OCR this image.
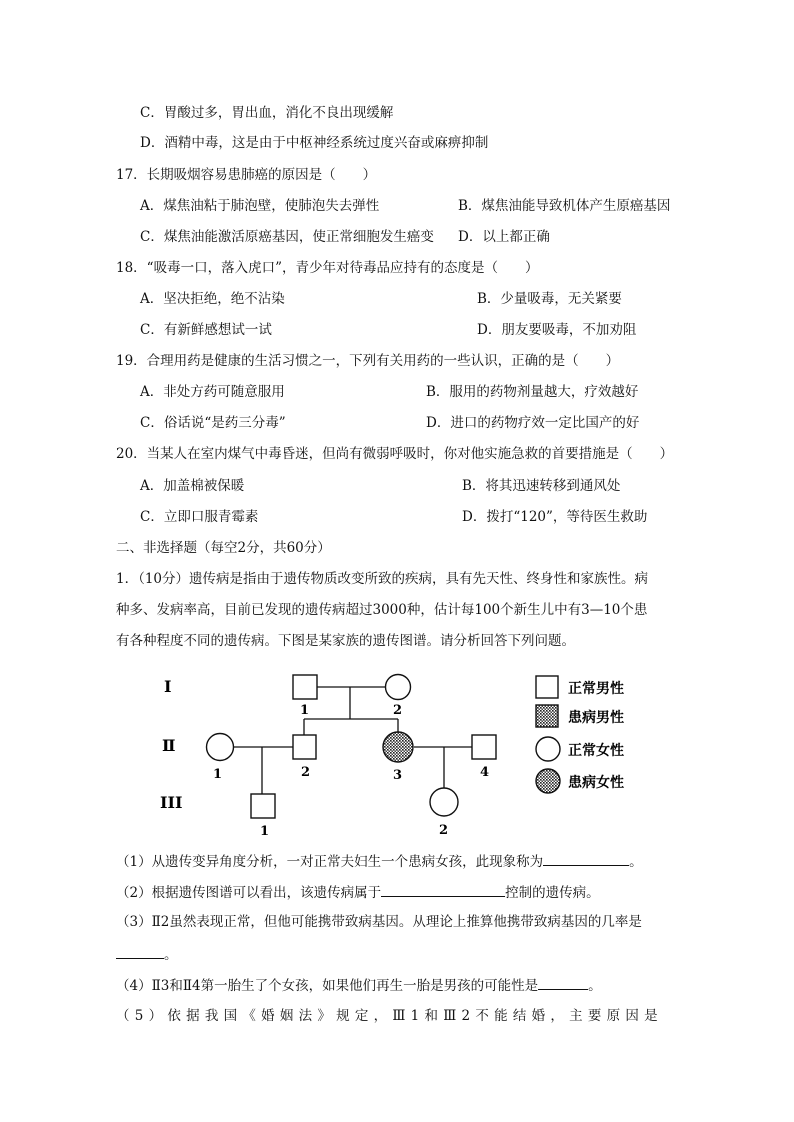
C．胃酸过多，胃出血，消化不良出现缓解
D．酒精中毒，这是由于中枢神经系统过度兴奋或麻痹抑制
17．长期吸烟容易患肺癌的原因是（　　）
A．煤焦油粘于肺泡壁，使肺泡失去弹性	B．煤焦油能导致机体产生原癌基因
C．煤焦油能激活原癌基因，使正常细胞发生癌变 D．以上都正确
18．“吸毒一口，落入虎口”，青少年对待毒品应持有的态度是（　　）
A．坚决拒绝，绝不沾染	B．少量吸毒，无关紧要
C．有新鲜感想试一试	D．朋友要吸毒，不加劝阻
19．合理用药是健康的生活习惯之一，下列有关用药的一些认识，正确的是（　　）
A．非处方药可随意服用	B．服用的药物剂量越大，疗效越好
C．俗话说“是药三分毒”	D．进口的药物疗效一定比国产的好
20．当某人在室内煤气中毒昏迷，但尚有微弱呼吸时，你对他实施急救的首要措施是（　　）
A．加盖棉被保暖	B．将其迅速转移到通风处
C．立即口服青霉素	D．拨打“120”，等待医生救助
二、非选择题（每空2分，共60分）
1．（10分）遗传病是指由于遗传物质改变所致的疾病，具有先天性、终身性和家族性。病
种多、发病率高，目前已发现的遗传病超过3000种，估计每100个新生儿中有3—10个患
有各种程度不同的遗传病。下图是某家族的遗传图谱。请分析回答下列问题。
I
Ⅱ
III
1	2
1	2	3	4
1	2
正常男性
患病男性
正常女性
患病女性
（1）从遗传变异角度分析，一对正常夫妇生一个患病女孩，此现象称为	。
（2）根据遗传图谱可以看出，该遗传病属于	控制的遗传病。
（3）Ⅱ2虽然表现正常，但他可能携带致病基因。从理论上推算他携带致病基因的几率是
。
（4）Ⅱ3和Ⅱ4第一胎生了个女孩，如果他们再生一胎是男孩的可能性是	。
（ 5 ） 依 据 我 国 《 婚 姻 法 》 规 定 ， Ⅲ 1 和 Ⅲ 2 不 能 结 婚 ， 主 要 原 因 是
